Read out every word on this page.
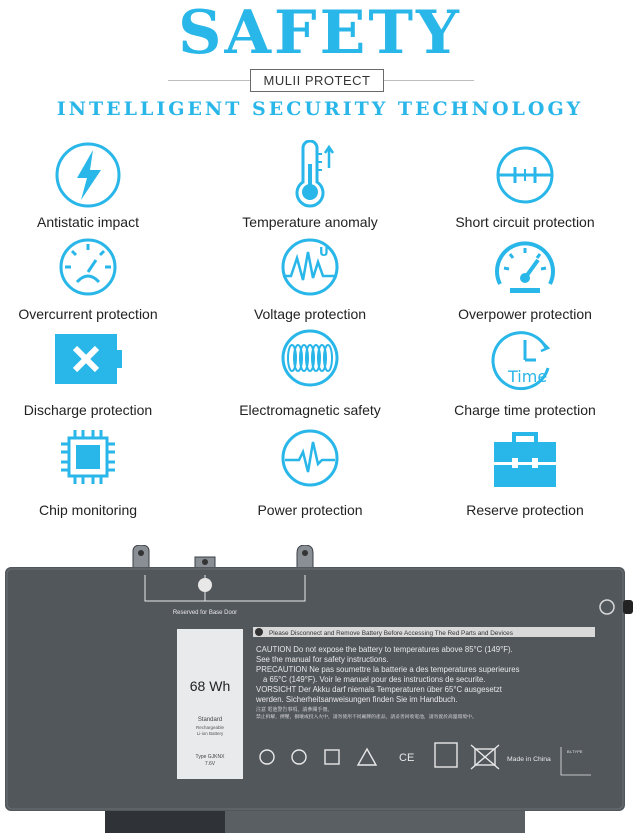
SAFETY
MULII PROTECT
INTELLIGENT SECURITY TECHNOLOGY
Antistatic impact	Temperature anomaly	Short circuit protection
Overcurrent protection
U
Voltage protection	Overpower protection
Discharge protection	Electromagnetic safety
Time
Charge time protection
Chip monitoring	Power protection	Reserve protection
Reserved for Base Door
68 Wh
Standard
Rechargeable
Li-ion Battery
Type GJKNX
7.6V
Please Disconnect and Remove Battery Before Accessing The Red Parts and Devices
CAUTION Do not expose the battery to temperatures above 85°C (149°F).
See the manual for safety instructions.
PRECAUTION Ne pas soumettre la batterie a des temperatures superieures
a 65°C (149°F). Voir le manuel pour des instructions de securite.
VORSICHT Der Akku darf niemals Temperaturen über 65°C ausgesetzt
werden. Sicherheitsanweisungen finden Sie im Handbuch.
注意 電池警告事項，請參閱手冊。
禁止拆解，擠壓，損壞或投入火中，請勿使用不同廠牌的產品，請妥善回收電池，請勿置於高溫環境中。
CE	Made in China
BI-TYPE
